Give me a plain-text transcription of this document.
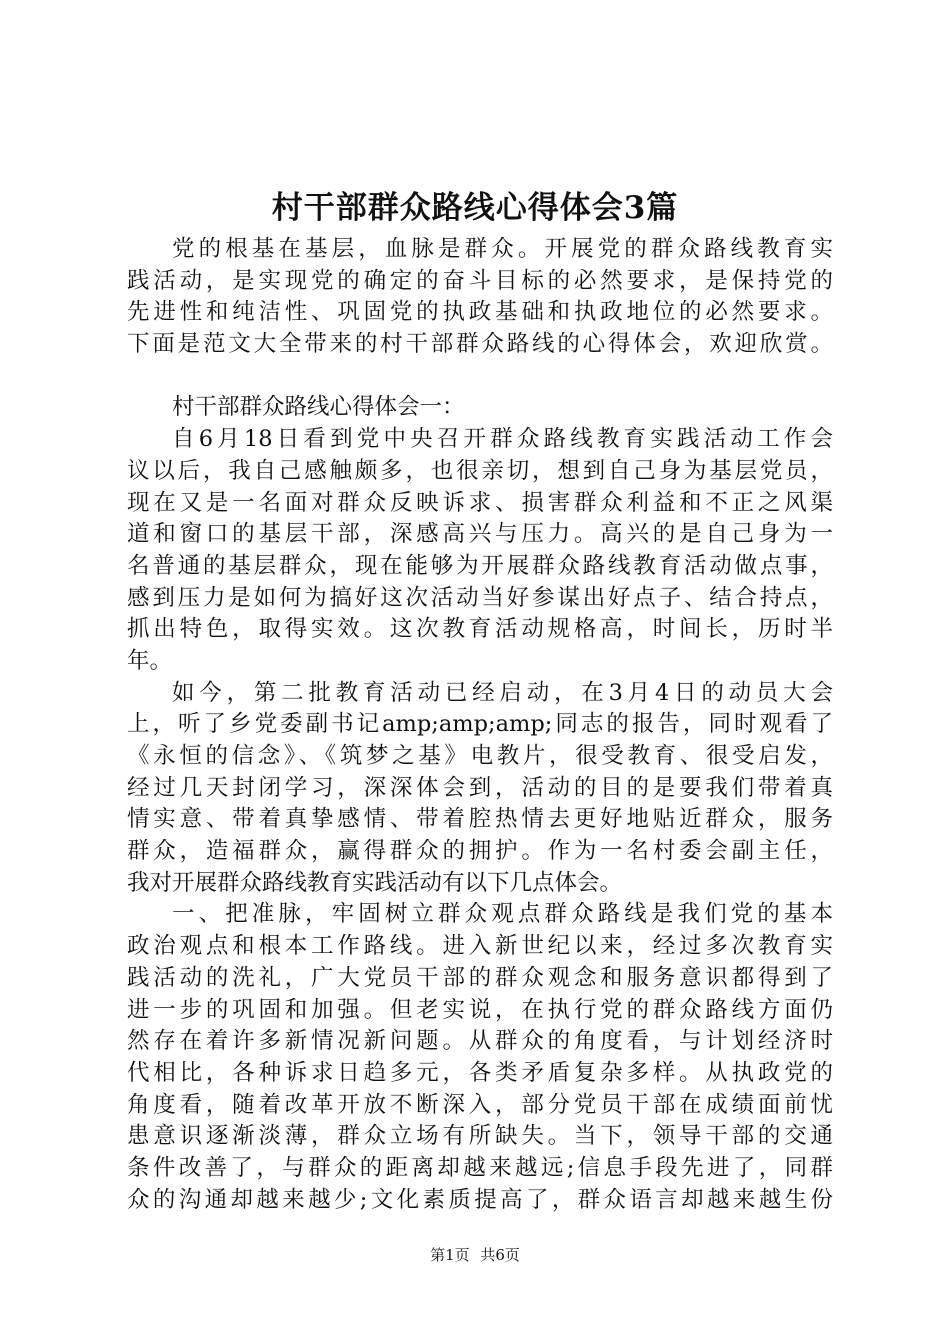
村干部群众路线心得体会3篇
党的根基在基层，血脉是群众。开展党的群众路线教育实
践活动，是实现党的确定的奋斗目标的必然要求，是保持党的
先进性和纯洁性、巩固党的执政基础和执政地位的必然要求。
下面是范文大全带来的村干部群众路线的心得体会，欢迎欣赏。
村干部群众路线心得体会一：
自6月18日看到党中央召开群众路线教育实践活动工作会
议以后，我自己感触颇多，也很亲切，想到自己身为基层党员，
现在又是一名面对群众反映诉求、损害群众利益和不正之风渠
道和窗口的基层干部，深感高兴与压力。高兴的是自己身为一
名普通的基层群众，现在能够为开展群众路线教育活动做点事，
感到压力是如何为搞好这次活动当好参谋出好点子、结合持点，
抓出特色，取得实效。这次教育活动规格高，时间长，历时半
年。
如今，第二批教育活动已经启动，在3月4日的动员大会
上，听了乡党委副书记amp;amp;amp;同志的报告，同时观看了
《永恒的信念》、《筑梦之基》电教片，很受教育、很受启发，
经过几天封闭学习，深深体会到，活动的目的是要我们带着真
情实意、带着真挚感情、带着腔热情去更好地贴近群众，服务
群众，造福群众，赢得群众的拥护。作为一名村委会副主任，
我对开展群众路线教育实践活动有以下几点体会。
一、把准脉，牢固树立群众观点群众路线是我们党的基本
政治观点和根本工作路线。进入新世纪以来，经过多次教育实
践活动的洗礼，广大党员干部的群众观念和服务意识都得到了
进一步的巩固和加强。但老实说，在执行党的群众路线方面仍
然存在着许多新情况新问题。从群众的角度看，与计划经济时
代相比，各种诉求日趋多元，各类矛盾复杂多样。从执政党的
角度看，随着改革开放不断深入，部分党员干部在成绩面前忧
患意识逐渐淡薄，群众立场有所缺失。当下，领导干部的交通
条件改善了，与群众的距离却越来越远;信息手段先进了，同群
众的沟通却越来越少;文化素质提高了，群众语言却越来越生份
第1页 共6页
